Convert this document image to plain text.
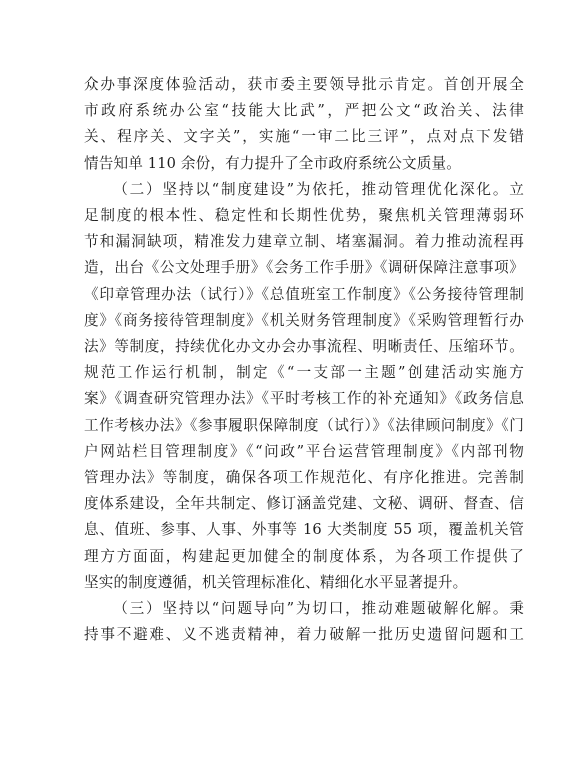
众办事深度体验活动，获市委主要领导批示肯定。首创开展全
市政府系统办公室“技能大比武”，严把公文“政治关、法律
关、程序关、文字关”，实施“一审二比三评”，点对点下发错
情告知单 110 余份，有力提升了全市政府系统公文质量。
（二）坚持以“制度建设”为依托，推动管理优化深化。立
足制度的根本性、稳定性和长期性优势，聚焦机关管理薄弱环
节和漏洞缺项，精准发力建章立制、堵塞漏洞。着力推动流程再
造，出台《公文处理手册》《会务工作手册》《调研保障注意事项》
《印章管理办法（试行）》《总值班室工作制度》《公务接待管理制
度》《商务接待管理制度》《机关财务管理制度》《采购管理暂行办
法》等制度，持续优化办文办会办事流程、明晰责任、压缩环节。
规范工作运行机制，制定《“一支部一主题”创建活动实施方
案》《调查研究管理办法》《平时考核工作的补充通知》《政务信息
工作考核办法》《参事履职保障制度（试行）》《法律顾问制度》《门
户网站栏目管理制度》《“问政”平台运营管理制度》《内部刊物
管理办法》等制度，确保各项工作规范化、有序化推进。完善制
度体系建设，全年共制定、修订涵盖党建、文秘、调研、督查、信
息、值班、参事、人事、外事等 16 大类制度 55 项，覆盖机关管
理方方面面，构建起更加健全的制度体系，为各项工作提供了
坚实的制度遵循，机关管理标准化、精细化水平显著提升。
（三）坚持以“问题导向”为切口，推动难题破解化解。秉
持事不避难、义不逃责精神，着力破解一批历史遗留问题和工
